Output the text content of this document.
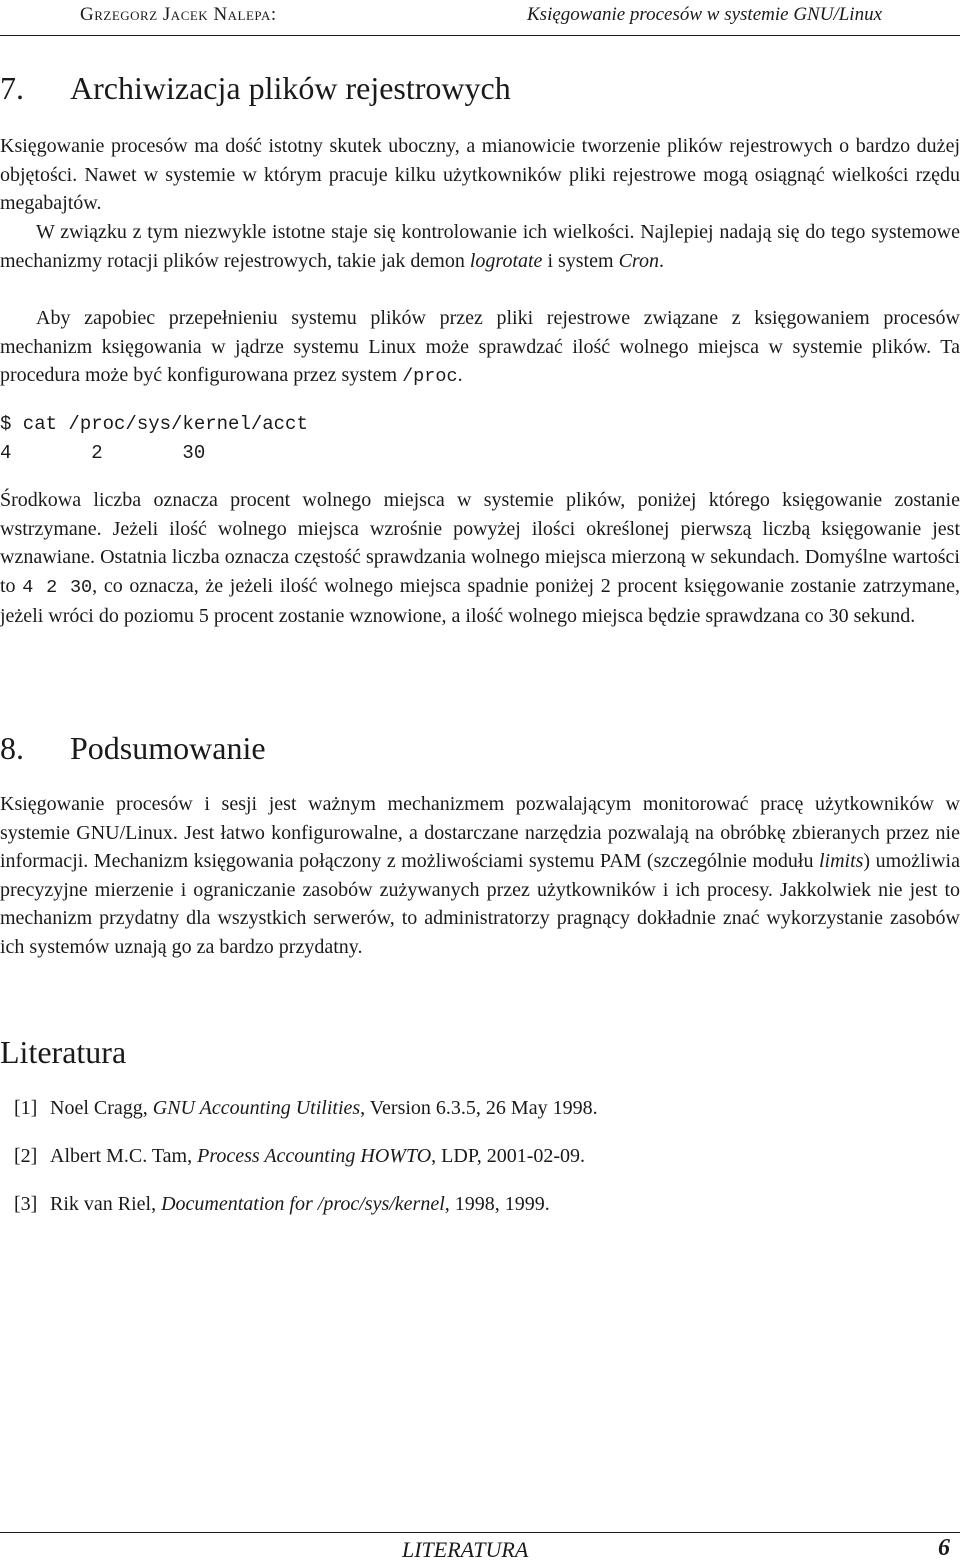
Grzegorz Jacek Nalepa:	Księgowanie procesów w systemie GNU/Linux
7. Archiwizacja plików rejestrowych

Księgowanie procesów ma dość istotny skutek uboczny, a mianowicie tworzenie plików rejestrowych o bardzo dużej objętości. Nawet w systemie w którym pracuje kilku użytkowników pliki rejestrowe mogą osiągnąć wielkości rzędu megabajtów.

W związku z tym niezwykle istotne staje się kontrolowanie ich wielkości. Najlepiej nadają się do tego systemowe mechanizmy rotacji plików rejestrowych, takie jak demon logrotate i system Cron.

Aby zapobiec przepełnieniu systemu plików przez pliki rejestrowe związane z księgowaniem procesów mechanizm księgowania w jądrze systemu Linux może sprawdzać ilość wolnego miejsca w systemie plików. Ta procedura może być konfigurowana przez system /proc.

$ cat /proc/sys/kernel/acct
4       2       30

Środkowa liczba oznacza procent wolnego miejsca w systemie plików, poniżej którego księgowanie zostanie wstrzymane. Jeżeli ilość wolnego miejsca wzrośnie powyżej ilości określonej pierwszą liczbą księgowanie jest wznawiane. Ostatnia liczba oznacza częstość sprawdzania wolnego miejsca mierzoną w sekundach. Domyślne wartości to 4 2 30, co oznacza, że jeżeli ilość wolnego miejsca spadnie poniżej 2 procent księgowanie zostanie zatrzymane, jeżeli wróci do poziomu 5 procent zostanie wznowione, a ilość wolnego miejsca będzie sprawdzana co 30 sekund.

8. Podsumowanie

Księgowanie procesów i sesji jest ważnym mechanizmem pozwalającym monitorować pracę użytkowników w systemie GNU/Linux. Jest łatwo konfigurowalne, a dostarczane narzędzia pozwalają na obróbkę zbieranych przez nie informacji. Mechanizm księgowania połączony z możliwościami systemu PAM (szczególnie modułu limits) umożliwia precyzyjne mierzenie i ograniczanie zasobów zużywanych przez użytkowników i ich procesy. Jakkolwiek nie jest to mechanizm przydatny dla wszystkich serwerów, to administratorzy pragnący dokładnie znać wykorzystanie zasobów ich systemów uznają go za bardzo przydatny.

Literatura
[1] Noel Cragg, GNU Accounting Utilities, Version 6.3.5, 26 May 1998.
[2] Albert M.C. Tam, Process Accounting HOWTO, LDP, 2001-02-09.
[3] Rik van Riel, Documentation for /proc/sys/kernel, 1998, 1999.
LITERATURA	6
